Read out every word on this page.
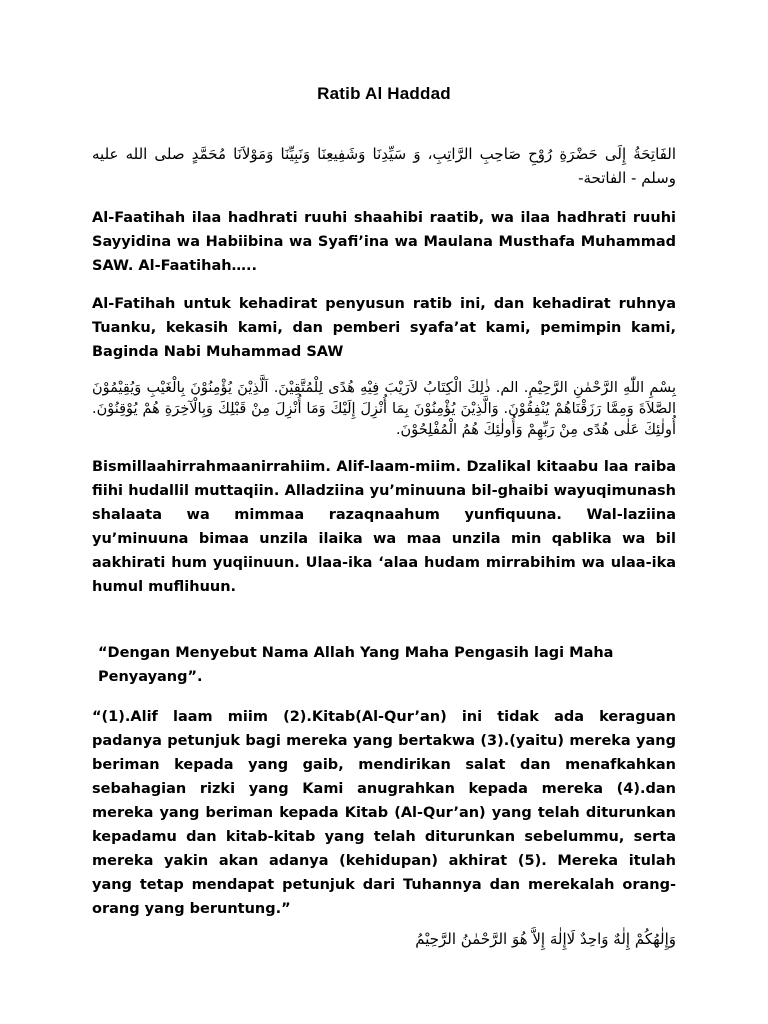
Ratib Al Haddad

الفَاتِحَةُ إِلَى حَضْرَةِ رُوْحِ صَاحِبِ الرَّاتِبِ، وَ سَيِّدِنَا وَشَفِيعِنَا وَنَبِيِّنَا وَمَوْلاَنَا مُحَمَّدٍ صلى الله عليه وسلم - الفاتحة-

Al-Faatihah ilaa hadhrati ruuhi shaahibi raatib, wa ilaa hadhrati ruuhi Sayyidina wa Habiibina wa Syafi’ina wa Maulana Musthafa Muhammad SAW. Al-Faatihah…..

Al-Fatihah untuk kehadirat penyusun ratib ini, dan kehadirat ruhnya Tuanku, kekasih kami, dan pemberi syafa’at kami, pemimpin kami, Baginda Nabi Muhammad SAW

بِسْمِ اللّٰهِ الرَّحْمٰنِ الرَّحِيْمِ. الم. ذٰلِكَ الْكِتَابُ لاَرَيْبَ فِيْهِ هُدًى لِلْمُتَّقِيْنَ. اَلَّذِيْنَ يُؤْمِنُوْنَ بِالْغَيْبِ وَيُقِيْمُوْنَ الصَّلاَةَ وَمِمَّا رَزَقْنَاهُمْ يُنْفِقُوْنَ. وَالَّذِيْنَ يُؤْمِنُوْنَ بِمَا أُنْزِلَ إِلَيْكَ وَمَا أُنْزِلَ مِنْ قَبْلِكَ وَبِالْآخِرَةِ هُمْ يُوْقِنُوْنَ. أُولٰئِكَ عَلٰى هُدًى مِنْ رَبِّهِمْ وَأُولٰئِكَ هُمُ الْمُفْلِحُوْنَ.

Bismillaahirrahmaanirrahiim. Alif-laam-miim. Dzalikal kitaabu laa raiba fiihi hudallil muttaqiin. Alladziina yu’minuuna bil-ghaibi wayuqimunash shalaata wa mimmaa razaqnaahum yunfiquuna. Wal-laziina yu’minuuna bimaa unzila ilaika wa maa unzila min qablika wa bil aakhirati hum yuqiinuun. Ulaa-ika ‘alaa hudam mirrabihim wa ulaa-ika humul muflihuun.

“Dengan Menyebut Nama Allah Yang Maha Pengasih lagi Maha Penyayang”.

“(1).Alif laam miim (2).Kitab(Al-Qur’an) ini tidak ada keraguan padanya petunjuk bagi mereka yang bertakwa (3).(yaitu) mereka yang beriman kepada yang gaib, mendirikan salat dan menafkahkan sebahagian rizki yang Kami anugrahkan kepada mereka (4).dan mereka yang beriman kepada Kitab (Al-Qur’an) yang telah diturunkan kepadamu dan kitab-kitab yang telah diturunkan sebelummu, serta mereka yakin akan adanya (kehidupan) akhirat (5). Mereka itulah yang tetap mendapat petunjuk dari Tuhannya dan merekalah orang-orang yang beruntung.”

وَإِلٰهُكُمْ إِلٰهٌ وَاحِدٌ لَاإِلٰهَ إِلاَّ هُوَ الرَّحْمٰنُ الرَّحِيْمُ
